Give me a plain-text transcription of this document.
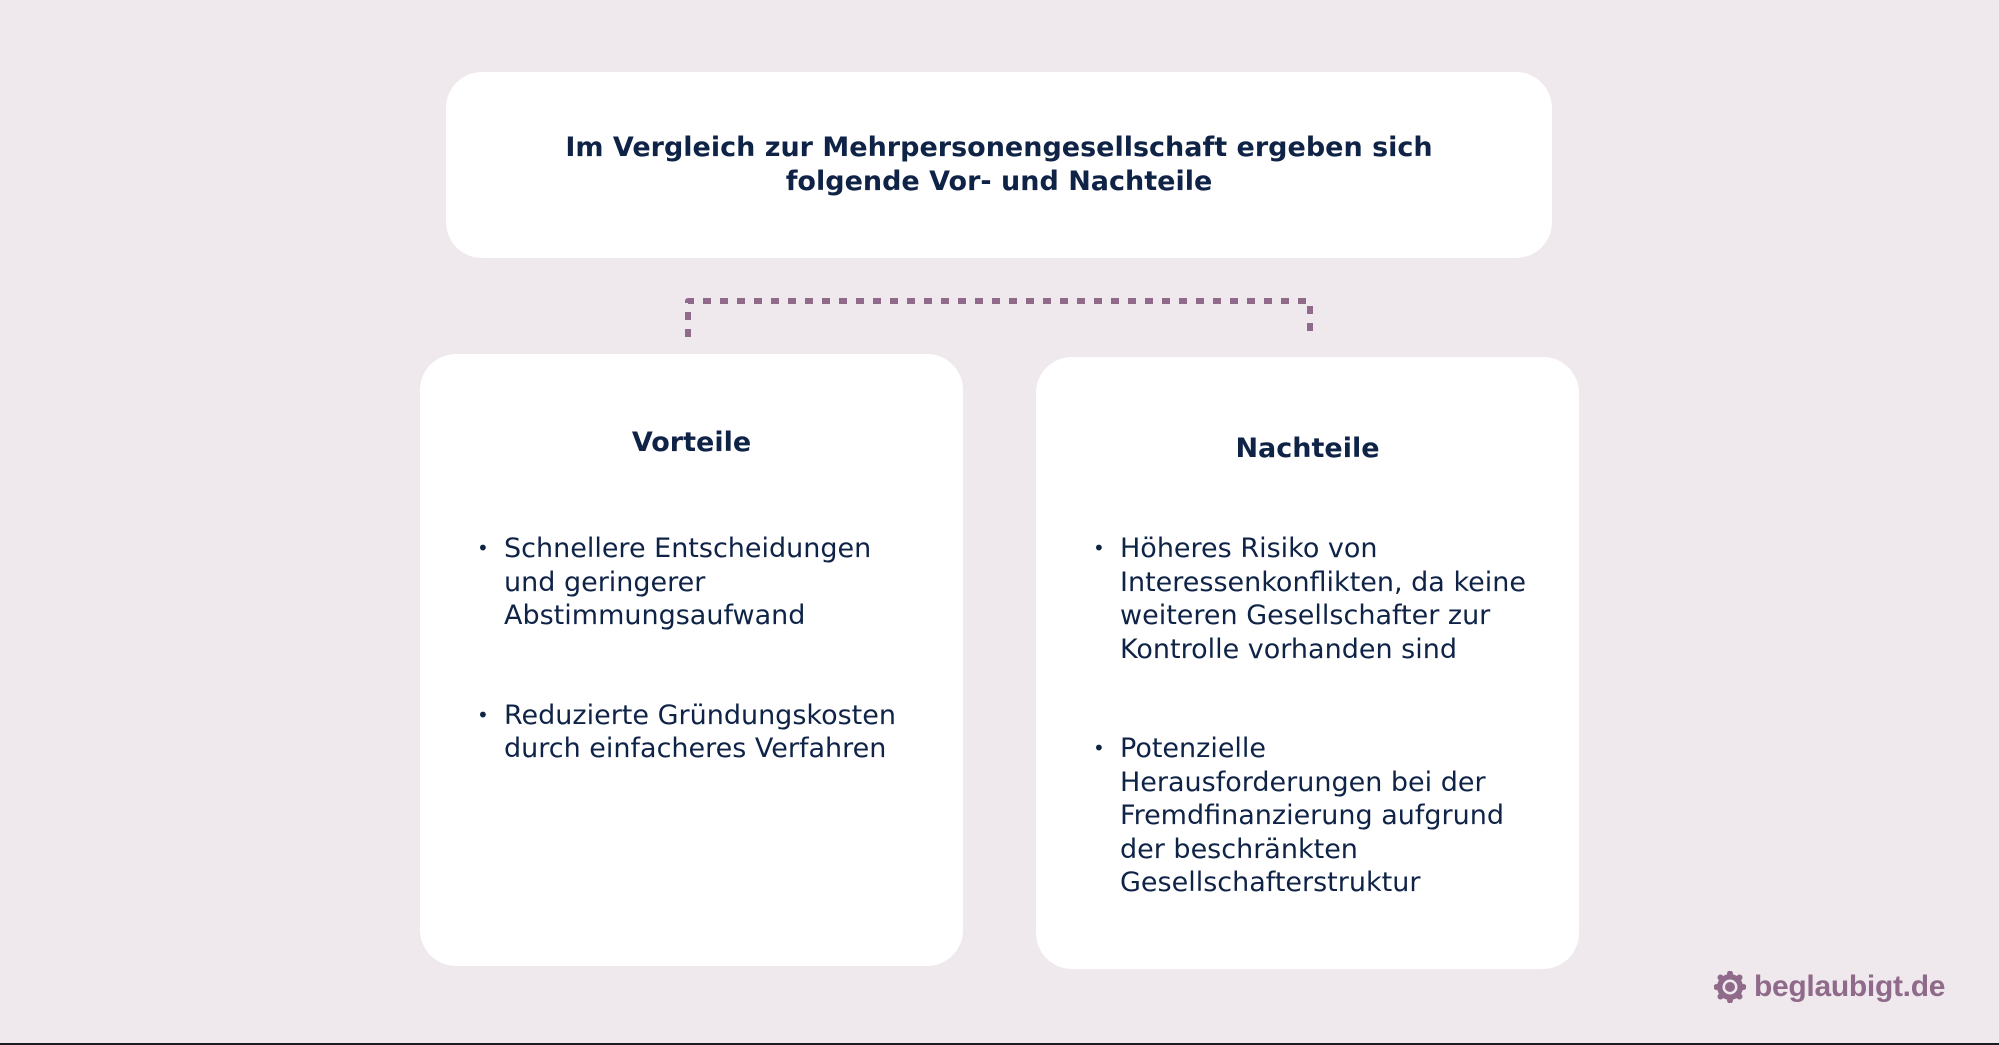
Im Vergleich zur Mehrpersonengesellschaft ergeben sich
folgende Vor- und Nachteile
Vorteile
• Schnellere Entscheidungen
und geringerer
Abstimmungsaufwand
• Reduzierte Gründungskosten
durch einfacheres Verfahren
Nachteile
• Höheres Risiko von
Interessenkonflikten, da keine
weiteren Gesellschafter zur
Kontrolle vorhanden sind
• Potenzielle
Herausforderungen bei der
Fremdfinanzierung aufgrund
der beschränkten
Gesellschafterstruktur
beglaubigt.de
